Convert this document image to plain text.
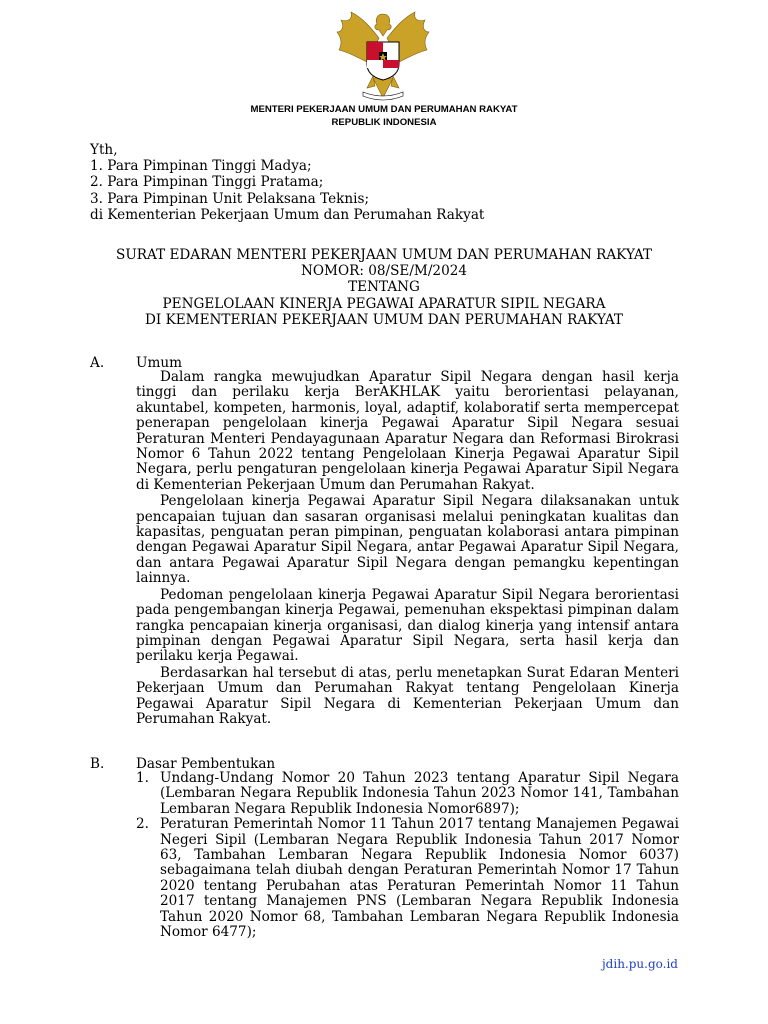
MENTERI PEKERJAAN UMUM DAN PERUMAHAN RAKYAT
REPUBLIK INDONESIA
Yth,
1. Para Pimpinan Tinggi Madya;
2. Para Pimpinan Tinggi Pratama;
3. Para Pimpinan Unit Pelaksana Teknis;
di Kementerian Pekerjaan Umum dan Perumahan Rakyat
SURAT EDARAN MENTERI PEKERJAAN UMUM DAN PERUMAHAN RAKYAT
NOMOR: 08/SE/M/2024
TENTANG
PENGELOLAAN KINERJA PEGAWAI APARATUR SIPIL NEGARA
DI KEMENTERIAN PEKERJAAN UMUM DAN PERUMAHAN RAKYAT
A. Umum

Dalam rangka mewujudkan Aparatur Sipil Negara dengan hasil kerja tinggi dan perilaku kerja BerAKHLAK yaitu berorientasi pelayanan, akuntabel, kompeten, harmonis, loyal, adaptif, kolaboratif serta mempercepat penerapan pengelolaan kinerja Pegawai Aparatur Sipil Negara sesuai Peraturan Menteri Pendayagunaan Aparatur Negara dan Reformasi Birokrasi Nomor 6 Tahun 2022 tentang Pengelolaan Kinerja Pegawai Aparatur Sipil Negara, perlu pengaturan pengelolaan kinerja Pegawai Aparatur Sipil Negara di Kementerian Pekerjaan Umum dan Perumahan Rakyat.

Pengelolaan kinerja Pegawai Aparatur Sipil Negara dilaksanakan untuk pencapaian tujuan dan sasaran organisasi melalui peningkatan kualitas dan kapasitas, penguatan peran pimpinan, penguatan kolaborasi antara pimpinan dengan Pegawai Aparatur Sipil Negara, antar Pegawai Aparatur Sipil Negara, dan antara Pegawai Aparatur Sipil Negara dengan pemangku kepentingan lainnya.

Pedoman pengelolaan kinerja Pegawai Aparatur Sipil Negara berorientasi pada pengembangan kinerja Pegawai, pemenuhan ekspektasi pimpinan dalam rangka pencapaian kinerja organisasi, dan dialog kinerja yang intensif antara pimpinan dengan Pegawai Aparatur Sipil Negara, serta hasil kerja dan perilaku kerja Pegawai.

Berdasarkan hal tersebut di atas, perlu menetapkan Surat Edaran Menteri Pekerjaan Umum dan Perumahan Rakyat tentang Pengelolaan Kinerja Pegawai Aparatur Sipil Negara di Kementerian Pekerjaan Umum dan Perumahan Rakyat.

B. Dasar Pembentukan
1. Undang-Undang Nomor 20 Tahun 2023 tentang Aparatur Sipil Negara (Lembaran Negara Republik Indonesia Tahun 2023 Nomor 141, Tambahan Lembaran Negara Republik Indonesia Nomor6897);
2. Peraturan Pemerintah Nomor 11 Tahun 2017 tentang Manajemen Pegawai Negeri Sipil (Lembaran Negara Republik Indonesia Tahun 2017 Nomor 63, Tambahan Lembaran Negara Republik Indonesia Nomor 6037) sebagaimana telah diubah dengan Peraturan Pemerintah Nomor 17 Tahun 2020 tentang Perubahan atas Peraturan Pemerintah Nomor 11 Tahun 2017 tentang Manajemen PNS (Lembaran Negara Republik Indonesia Tahun 2020 Nomor 68, Tambahan Lembaran Negara Republik Indonesia Nomor 6477);
jdih.pu.go.id
